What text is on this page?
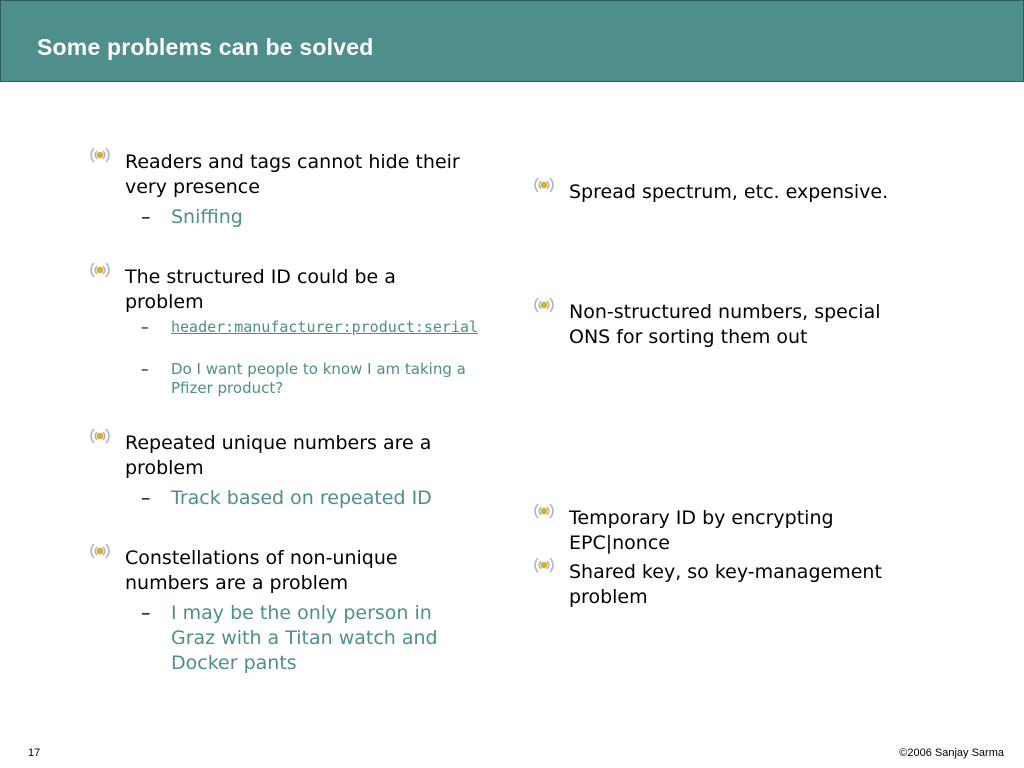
Some problems can be solved
Readers and tags cannot hide their very presence
– Sniffing
The structured ID could be a problem
– header:manufacturer:product:serial
– Do I want people to know I am taking a Pfizer product?
Repeated unique numbers are a problem
– Track based on repeated ID
Constellations of non-unique numbers are a problem
– I may be the only person in Graz with a Titan watch and Docker pants
Spread spectrum, etc. expensive.
Non-structured numbers, special ONS for sorting them out
Temporary ID by encrypting EPC|nonce
Shared key, so key-management problem
17	©2006 Sanjay Sarma
